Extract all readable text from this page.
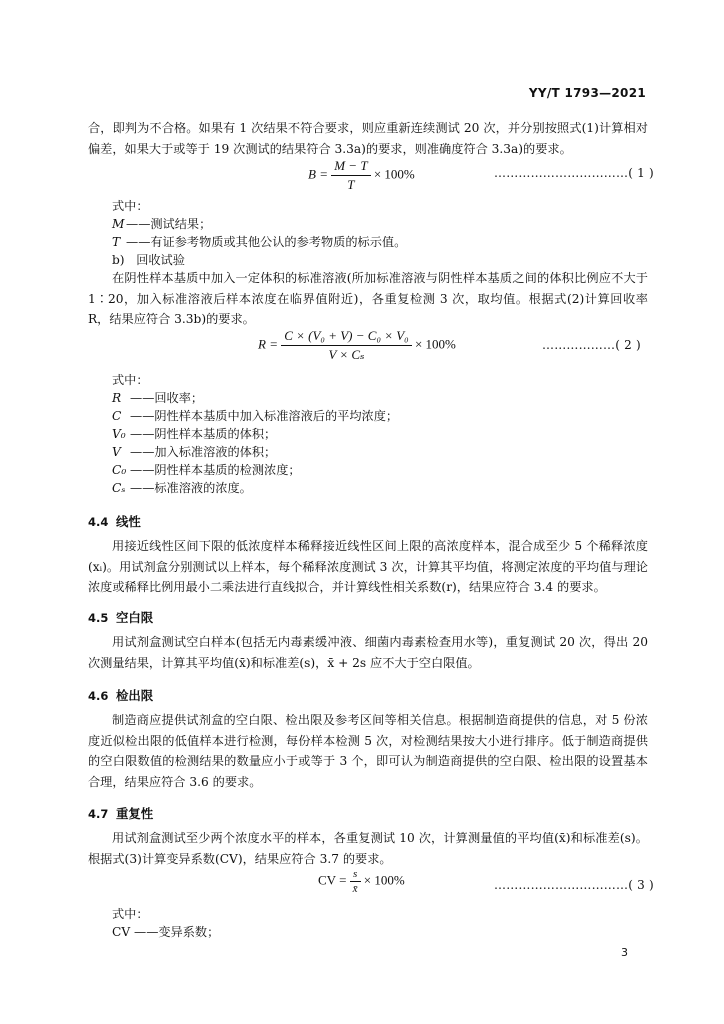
YY/T 1793—2021
合，即判为不合格。如果有 1 次结果不符合要求，则应重新连续测试 20 次，并分别按照式(1)计算相对偏差，如果大于或等于 19 次测试的结果符合 3.3a)的要求，则准确度符合 3.3a)的要求。
$B = \frac{M - T}{T} \times 100\%$	……………………………( 1 )
式中：
M ——测试结果；
T ——有证参考物质或其他公认的参考物质的标示值。
b) 回收试验
在阴性样本基质中加入一定体积的标准溶液(所加标准溶液与阴性样本基质之间的体积比例应不大于 1∶20，加入标准溶液后样本浓度在临界值附近)，各重复检测 3 次，取均值。根据式(2)计算回收率 R，结果应符合 3.3b)的要求。
$R = \frac{\text{C × (V₀ + V) − C₀ × V₀}}{\text{V × Cₛ}} \times 100\%$	………………( 2 )
式中：
R ——回收率；
C ——阴性样本基质中加入标准溶液后的平均浓度；
V₀ ——阴性样本基质的体积；
V ——加入标准溶液的体积；
C₀ ——阴性样本基质的检测浓度；
Cₛ ——标准溶液的浓度。
4.4 线性
用接近线性区间下限的低浓度样本稀释接近线性区间上限的高浓度样本，混合成至少 5 个稀释浓度(xᵢ)。用试剂盒分别测试以上样本，每个稀释浓度测试 3 次，计算其平均值，将测定浓度的平均值与理论浓度或稀释比例用最小二乘法进行直线拟合，并计算线性相关系数(r)，结果应符合 3.4 的要求。
4.5 空白限
用试剂盒测试空白样本(包括无内毒素缓冲液、细菌内毒素检查用水等)，重复测试 20 次，得出 20 次测量结果，计算其平均值(x̄)和标准差(s)，x̄ + 2s 应不大于空白限值。
4.6 检出限
制造商应提供试剂盒的空白限、检出限及参考区间等相关信息。根据制造商提供的信息，对 5 份浓度近似检出限的低值样本进行检测，每份样本检测 5 次，对检测结果按大小进行排序。低于制造商提供的空白限数值的检测结果的数量应小于或等于 3 个，即可认为制造商提供的空白限、检出限的设置基本合理，结果应符合 3.6 的要求。
4.7 重复性
用试剂盒测试至少两个浓度水平的样本，各重复测试 10 次，计算测量值的平均值(x̄)和标准差(s)。根据式(3)计算变异系数(CV)，结果应符合 3.7 的要求。
CV = $\frac{s}{x̄} \times 100\%$	……………………………( 3 )
式中：
CV ——变异系数；
3
